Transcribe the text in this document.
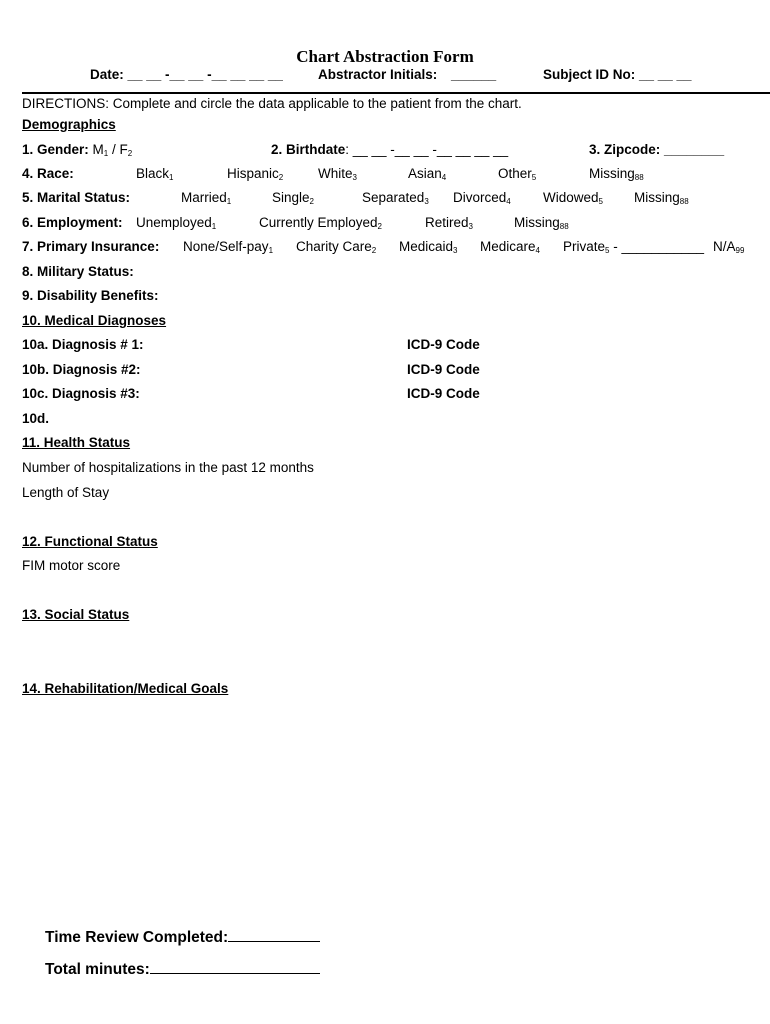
Chart Abstraction Form
Date: __ __ -__ __ -__ __ __ __	Abstractor Initials: ______	Subject ID No: __ __ __
DIRECTIONS: Complete and circle the data applicable to the patient from the chart.
Demographics
1. Gender: $M_1 / F_2$	2. Birthdate: __ __ -__ __ -__ __ __ __	3. Zipcode: ________
4. Race:	Black$_1$	Hispanic$_2$	White$_3$	Asian$_4$	Other$_5$	Missing$_{88}$
5. Marital Status:	Married$_1$	Single$_2$	Separated$_3$ Divorced$_4$ Widowed$_5$ Missing$_{88}$
6. Employment: Unemployed$_1$	Currently Employed$_2$	Retired$_3$	Missing$_{88}$
7. Primary Insurance: None/Self-pay$_1$ Charity Care$_2$ Medicaid$_3$ Medicare$_4$ Private$_5$ - ___________ $N/A_{99}$
8. Military Status:
9. Disability Benefits:
10. Medical Diagnoses
10a. Diagnosis # 1:	ICD-9 Code
10b. Diagnosis #2:	ICD-9 Code
10c. Diagnosis #3:	ICD-9 Code
10d.
11. Health Status
Number of hospitalizations in the past 12 months
Length of Stay
12. Functional Status
FIM motor score
13. Social Status
14. Rehabilitation/Medical Goals
Time Review Completed:
Total minutes:
